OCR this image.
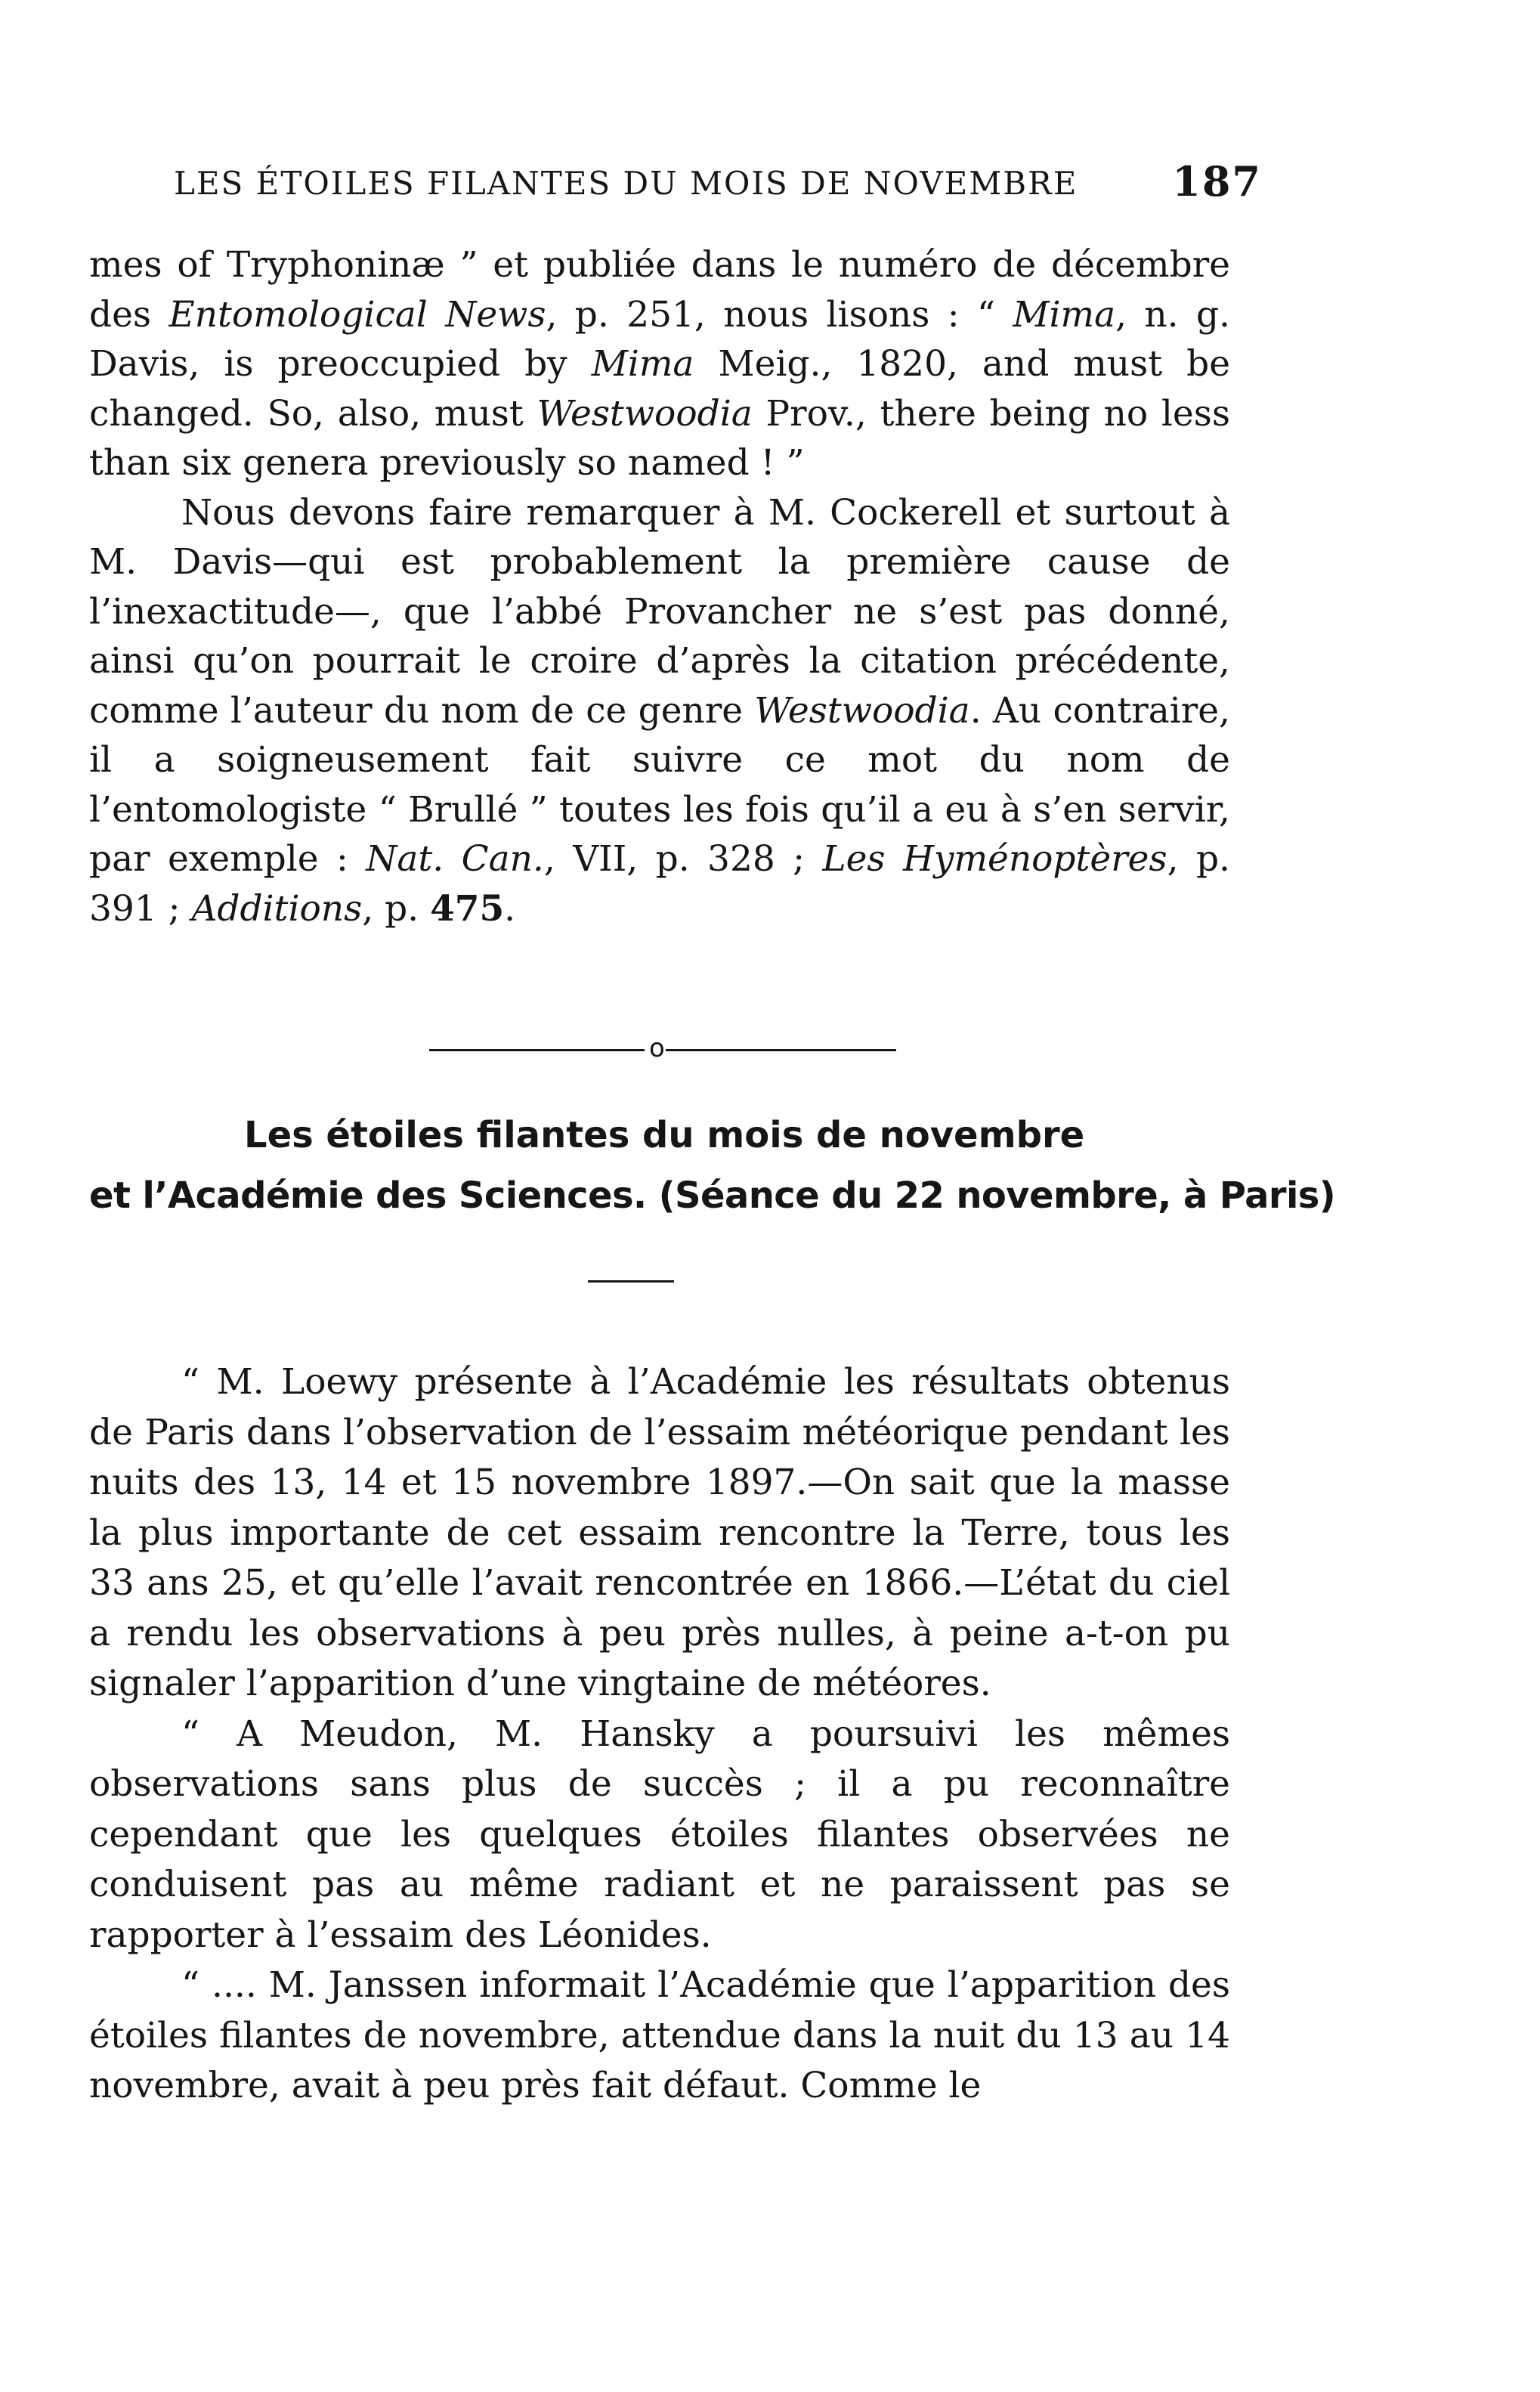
LES ÉTOILES FILANTES DU MOIS DE NOVEMBRE 187

mes of Tryphoninæ ” et publiée dans le numéro de décembre des Entomological News, p. 251, nous lisons : “ Mima, n. g. Davis, is preoccupied by Mima Meig., 1820, and must be changed. So, also, must Westwoodia Prov., there being no less than six genera previously so named ! ”

Nous devons faire remarquer à M. Cockerell et surtout à M. Davis—qui est probablement la première cause de l’inexactitude—, que l’abbé Provancher ne s’est pas donné, ainsi qu’on pourrait le croire d’après la citation précédente, comme l’auteur du nom de ce genre Westwoodia. Au contraire, il a soigneusement fait suivre ce mot du nom de l’entomologiste “ Brullé ” toutes les fois qu’il a eu à s’en servir, par exemple : Nat. Can., VII, p. 328 ; Les Hyménoptères, p. 391 ; Additions, p. 475.

o
Les étoiles filantes du mois de novembre
et l’Académie des Sciences. (Séance du 22 novembre, à Paris)

“ M. Loewy présente à l’Académie les résultats obtenus de Paris dans l’observation de l’essaim météorique pendant les nuits des 13, 14 et 15 novembre 1897.—On sait que la masse la plus importante de cet essaim rencontre la Terre, tous les 33 ans 25, et qu’elle l’avait rencontrée en 1866.—L’état du ciel a rendu les observations à peu près nulles, à peine a-t-on pu signaler l’apparition d’une vingtaine de météores.

“ A Meudon, M. Hansky a poursuivi les mêmes observations sans plus de succès ; il a pu reconnaître cependant que les quelques étoiles filantes observées ne conduisent pas au même radiant et ne paraissent pas se rapporter à l’essaim des Léonides.

“ .... M. Janssen informait l’Académie que l’apparition des étoiles filantes de novembre, attendue dans la nuit du 13 au 14 novembre, avait à peu près fait défaut. Comme le
